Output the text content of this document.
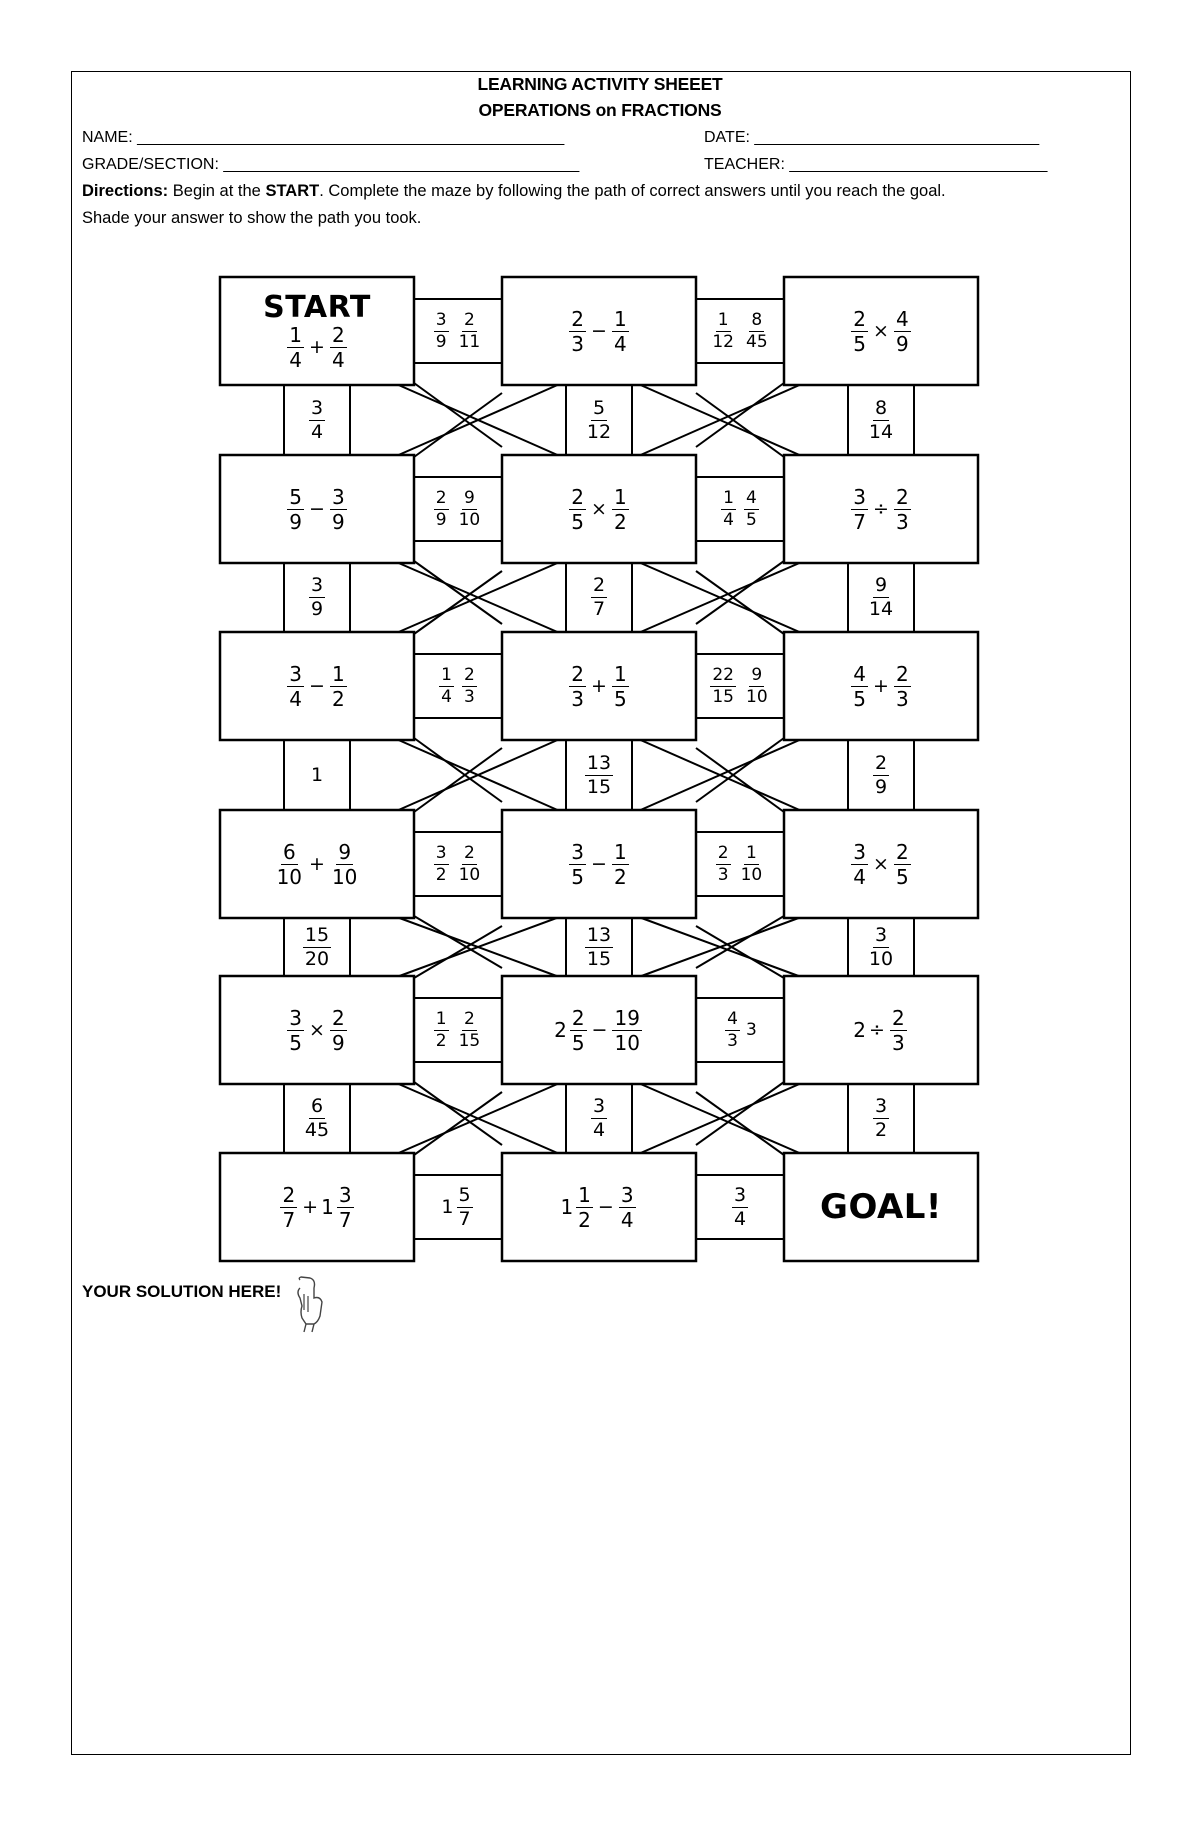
LEARNING ACTIVITY SHEEET
OPERATIONS on FRACTIONS
NAME: ________________________________________________	DATE: ________________________________
GRADE/SECTION: ________________________________________	TEACHER: _____________________________
Directions: Begin at the START. Complete the maze by following the path of correct answers until you reach the goal.
Shade your answer to show the path you took.
START
$\frac{1}{4} + \frac{2}{4}$	$\frac{2}{3} - \frac{1}{4}$	$\frac{2}{5} \times \frac{4}{9}$
$\frac{5}{9} - \frac{3}{9}$	$\frac{2}{5} \times \frac{1}{2}$	$\frac{3}{7} \div \frac{2}{3}$
$\frac{3}{4} - \frac{1}{2}$	$\frac{2}{3} + \frac{1}{5}$	$\frac{4}{5} + \frac{2}{3}$
$\frac{6}{10} + \frac{9}{10}$	$\frac{3}{5} - \frac{1}{2}$	$\frac{3}{4} \times \frac{2}{5}$
$\frac{3}{5} \times \frac{2}{9}$	$2 \frac{2}{5} - \frac{19}{10}$	$2 \div \frac{2}{3}$
$\frac{2}{7} + 1 \frac{3}{7}$	$1 \frac{1}{2} - \frac{3}{4}$	GOAL!
$\frac{3}{9} \frac{2}{11}$	$\frac{1}{12} \frac{8}{45}$
$\frac{2}{9} \frac{9}{10}$	$\frac{1}{4} \frac{4}{5}$
$\frac{1}{4} \frac{2}{3}$	$\frac{22}{15} \frac{9}{10}$
$\frac{3}{2} \frac{2}{10}$	$\frac{2}{3} \frac{1}{10}$
$\frac{1}{2} \frac{2}{15}$	$\frac{4}{3} 3$
$1 \frac{5}{7}$	$\frac{3}{4}$
$\frac{3}{4}$	$\frac{5}{12}$	$\frac{8}{14}$
$\frac{3}{9}$	$\frac{2}{7}$	$\frac{9}{14}$
1	$\frac{13}{15}$	$\frac{2}{9}$
$\frac{15}{20}$	$\frac{13}{15}$	$\frac{3}{10}$
$\frac{6}{45}$	$\frac{3}{4}$	$\frac{3}{2}$
YOUR SOLUTION HERE!
